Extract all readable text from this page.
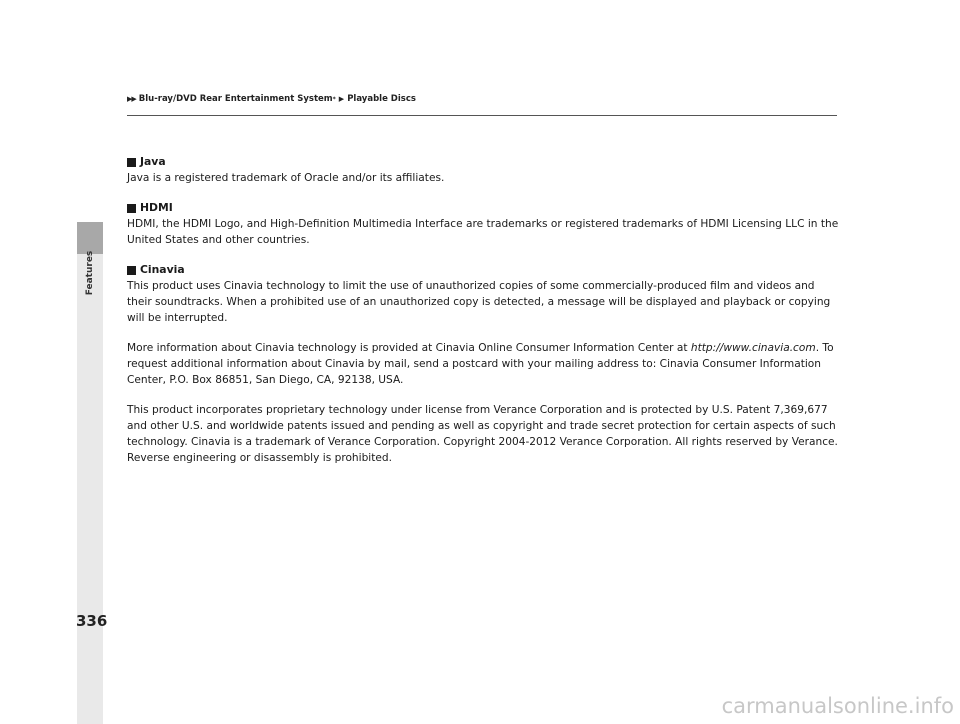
Features
▶▶ Blu-ray/DVD Rear Entertainment System * ▶ Playable Discs
Java

Java is a registered trademark of Oracle and/or its affiliates.

HDMI

HDMI, the HDMI Logo, and High-Definition Multimedia Interface are trademarks or registered trademarks of HDMI Licensing LLC in the United States and other countries.

Cinavia

This product uses Cinavia technology to limit the use of unauthorized copies of some commercially-produced film and videos and their soundtracks. When a prohibited use of an unauthorized copy is detected, a message will be displayed and playback or copying will be interrupted.

More information about Cinavia technology is provided at Cinavia Online Consumer Information Center at http://www.cinavia.com. To request additional information about Cinavia by mail, send a postcard with your mailing address to: Cinavia Consumer Information Center, P.O. Box 86851, San Diego, CA, 92138, USA.

This product incorporates proprietary technology under license from Verance Corporation and is protected by U.S. Patent 7,369,677 and other U.S. and worldwide patents issued and pending as well as copyright and trade secret protection for certain aspects of such technology. Cinavia is a trademark of Verance Corporation. Copyright 2004-2012 Verance Corporation. All rights reserved by Verance. Reverse engineering or disassembly is prohibited.

336
carmanualsonline.info
